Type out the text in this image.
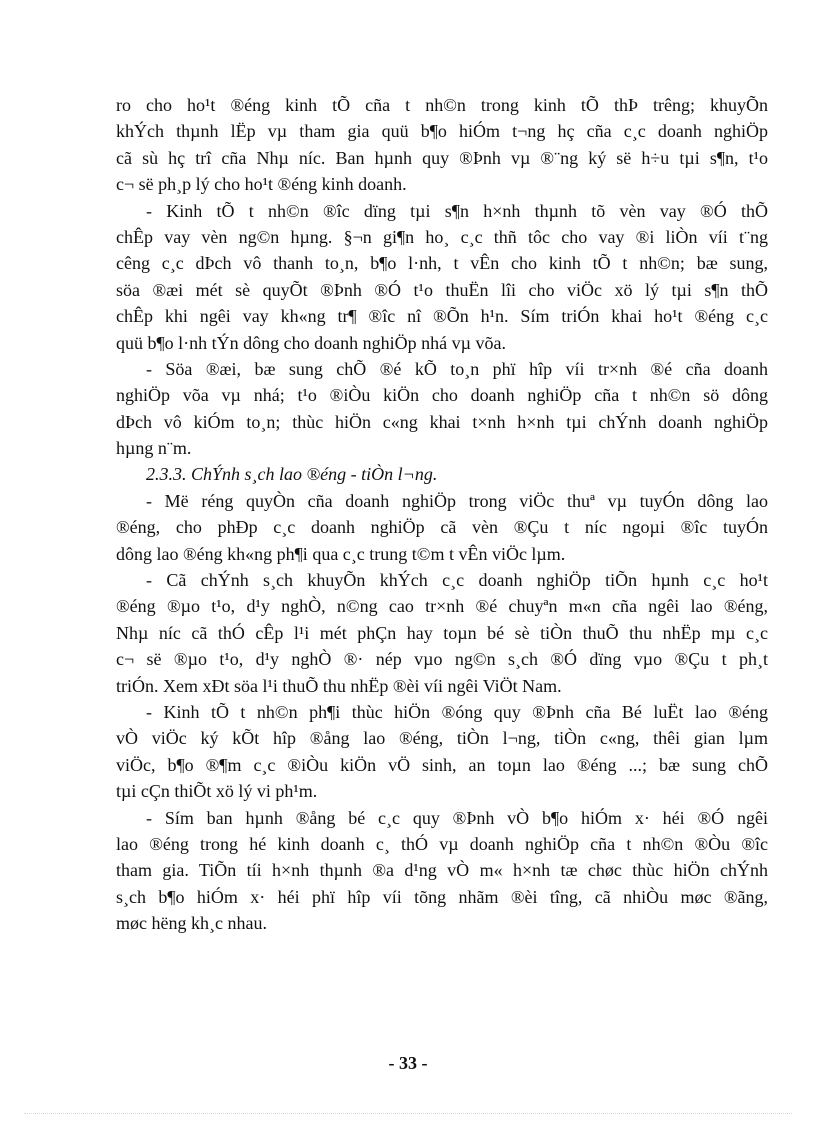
ro cho ho¹t ®éng kinh tÕ cña t nh©n trong kinh tÕ thÞ trêng; khuyÕn
khÝch thµnh lËp vµ tham gia quü b¶o hiÓm t¬ng hç cña c¸c doanh nghiÖp
cã sù hç trî cña Nhµ níc. Ban hµnh quy ®Þnh vµ ®¨ng ký së h÷u tµi s¶n, t¹o
c¬ së ph¸p lý cho ho¹t ®éng kinh doanh.
- Kinh tÕ t nh©n ®îc dïng tµi s¶n h×nh thµnh tõ vèn vay ®Ó thÕ
chÊp vay vèn ng©n hµng. §¬n gi¶n ho¸ c¸c thñ tôc cho vay ®i liÒn víi t¨ng
cêng c¸c dÞch vô thanh to¸n, b¶o l·nh, t vÊn cho kinh tÕ t nh©n; bæ sung,
söa ®æi mét sè quyÕt ®Þnh ®Ó t¹o thuËn lîi cho viÖc xö lý tµi s¶n thÕ
chÊp khi ngêi vay kh«ng tr¶ ®îc nî ®Õn h¹n. Sím triÓn khai ho¹t ®éng c¸c
quü b¶o l·nh tÝn dông cho doanh nghiÖp nhá vµ võa.
- Söa ®æi, bæ sung chÕ ®é kÕ to¸n phï hîp víi tr×nh ®é cña doanh
nghiÖp võa vµ nhá; t¹o ®iÒu kiÖn cho doanh nghiÖp cña t nh©n sö dông
dÞch vô kiÓm to¸n; thùc hiÖn c«ng khai t×nh h×nh tµi chÝnh doanh nghiÖp
hµng n¨m.
2.3.3. ChÝnh s¸ch lao ®éng - tiÒn l¬ng.
- Më réng quyÒn cña doanh nghiÖp trong viÖc thuª vµ tuyÓn dông lao
®éng, cho phÐp c¸c doanh nghiÖp cã vèn ®Çu t níc ngoµi ®îc tuyÓn
dông lao ®éng kh«ng ph¶i qua c¸c trung t©m t vÊn viÖc lµm.
- Cã chÝnh s¸ch khuyÕn khÝch c¸c doanh nghiÖp tiÕn hµnh c¸c ho¹t
®éng ®µo t¹o, d¹y nghÒ, n©ng cao tr×nh ®é chuyªn m«n cña ngêi lao ®éng,
Nhµ níc cã thÓ cÊp l¹i mét phÇn hay toµn bé sè tiÒn thuÕ thu nhËp mµ c¸c
c¬ së ®µo t¹o, d¹y nghÒ ®· nép vµo ng©n s¸ch ®Ó dïng vµo ®Çu t ph¸t
triÓn. Xem xÐt söa l¹i thuÕ thu nhËp ®èi víi ngêi ViÖt Nam.
- Kinh tÕ t nh©n ph¶i thùc hiÖn ®óng quy ®Þnh cña Bé luËt lao ®éng
vÒ viÖc ký kÕt hîp ®ång lao ®éng, tiÒn l¬ng, tiÒn c«ng, thêi gian lµm
viÖc, b¶o ®¶m c¸c ®iÒu kiÖn vÖ sinh, an toµn lao ®éng ...; bæ sung chÕ
tµi cÇn thiÕt xö lý vi ph¹m.
- Sím ban hµnh ®ång bé c¸c quy ®Þnh vÒ b¶o hiÓm x· héi ®Ó ngêi
lao ®éng trong hé kinh doanh c¸ thÓ vµ doanh nghiÖp cña t nh©n ®Òu ®îc
tham gia. TiÕn tíi h×nh thµnh ®a d¹ng vÒ m« h×nh tæ chøc thùc hiÖn chÝnh
s¸ch b¶o hiÓm x· héi phï hîp víi tõng nhãm ®èi tîng, cã nhiÒu møc ®ãng,
møc hëng kh¸c nhau.
- 33 -
